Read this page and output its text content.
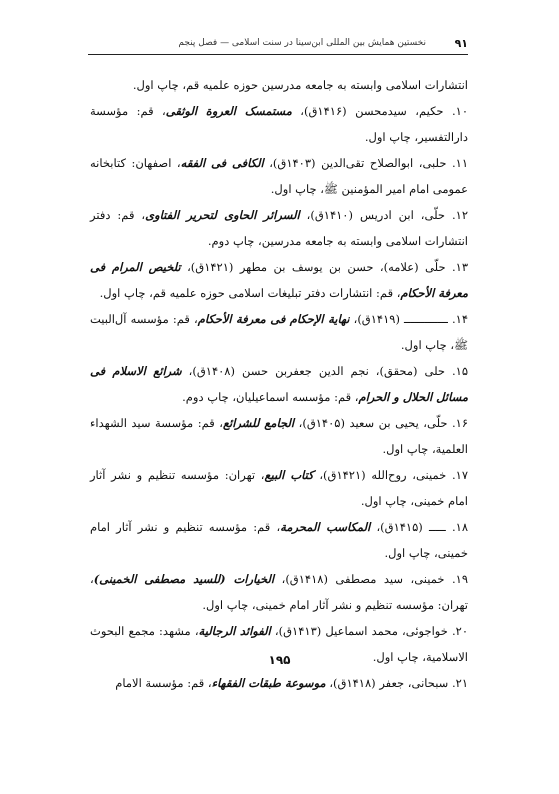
۹۱
نخستین همایش بین المللی ابن‌سینا در سنت اسلامی — فصل پنجم

انتشارات اسلامی وابسته به جامعه مدرسین حوزه علمیه قم، چاپ اول.

۱۰. حکیم، سیدمحسن (۱۴۱۶ق)، مستمسک العروة الوثقی، قم: مؤسسة دارالتفسیر، چاپ اول.

۱۱. حلبی، ابوالصلاح تقی‌الدین (۱۴۰۳ق)، الکافی فی الفقه، اصفهان: کتابخانه عمومی امام امیر المؤمنین ﷺ، چاپ اول.

۱۲. حلّی، ابن ادریس (۱۴۱۰ق)، السرائر الحاوی لتحریر الفتاوی، قم: دفتر انتشارات اسلامی وابسته به جامعه مدرسین، چاپ دوم.

۱۳. حلّی (علامه)، حسن بن یوسف بن مطهر (۱۴۲۱ق)، تلخیص المرام فی معرفة الأحکام، قم: انتشارات دفتر تبلیغات اسلامی حوزه علمیه قم، چاپ اول.

۱۴. ـــــــــــــ (۱۴۱۹ق)، نهایة الإحکام فی معرفة الأحکام، قم: مؤسسه آل‌البیت ﷺ، چاپ اول.

۱۵. حلی (محقق)، نجم الدین جعفربن حسن (۱۴۰۸ق)، شرائع الاسلام فی مسائل الحلال و الحرام، قم: مؤسسه اسماعیلیان، چاپ دوم.

۱۶. حلّی، یحیی بن سعید (۱۴۰۵ق)، الجامع للشرائع، قم: مؤسسة سید الشهداء العلمیة، چاپ اول.

۱۷. خمینی، روح‌الله (۱۴۲۱ق)، کتاب البیع، تهران: مؤسسه تنظیم و نشر آثار امام خمینی، چاپ اول.

۱۸. ـــــ (۱۴۱۵ق)، المکاسب المحرمة، قم: مؤسسه تنظیم و نشر آثار امام خمینی، چاپ اول.

۱۹. خمینی، سید مصطفی (۱۴۱۸ق)، الخیارات (للسید مصطفی الخمینی)، تهران: مؤسسه تنظیم و نشر آثار امام خمینی، چاپ اول.

۲۰. خواجوئی، محمد اسماعیل (۱۴۱۳ق)، الفوائد الرجالیة، مشهد: مجمع البحوث الاسلامیة، چاپ اول.

۲۱. سبحانی، جعفر (۱۴۱۸ق)، موسوعة طبقات الفقهاء، قم: مؤسسة الامام

۱۹۵
